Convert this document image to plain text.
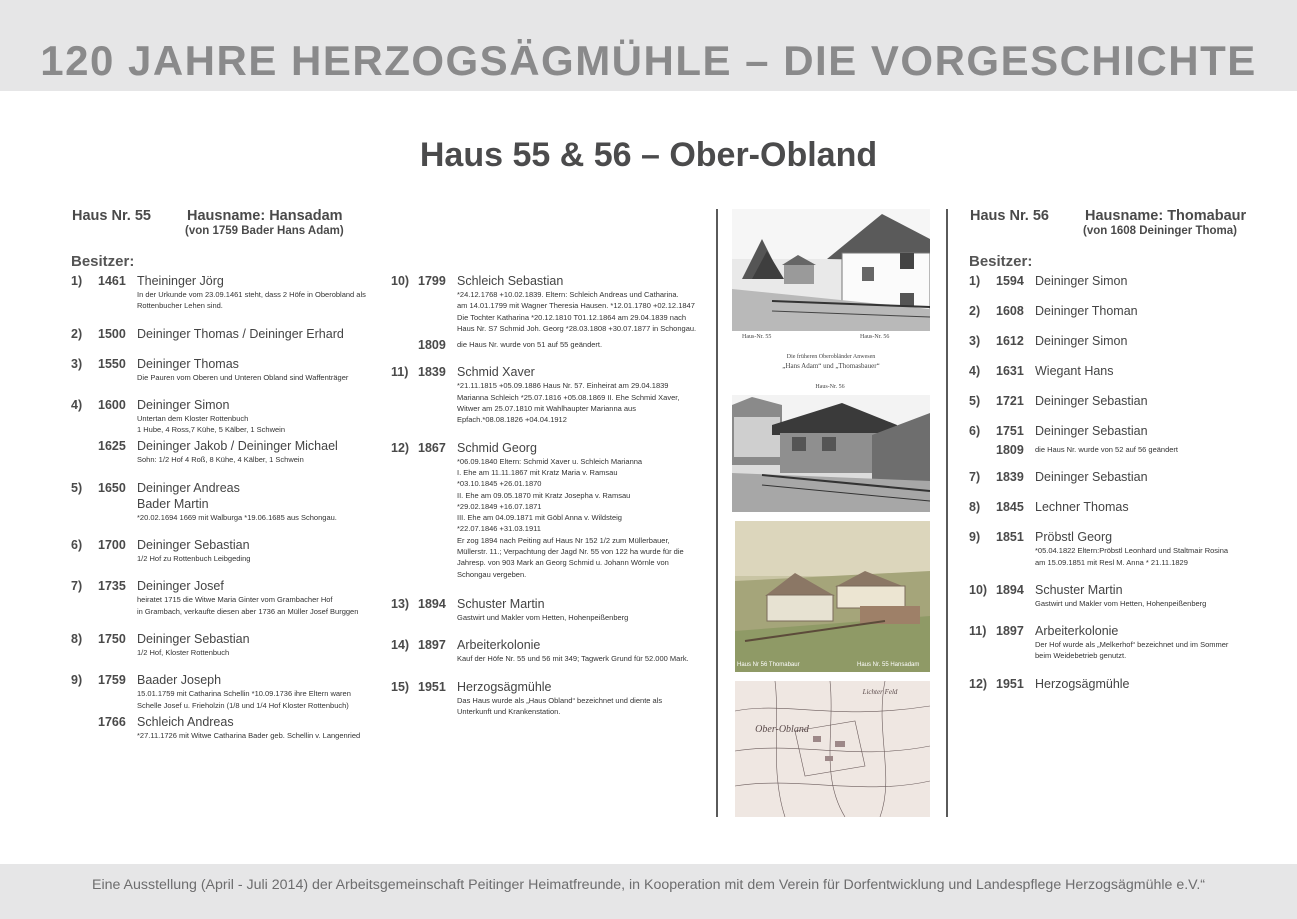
120 JAHRE HERZOGSÄGMÜHLE – DIE VORGESCHICHTE
Haus 55 & 56 – Ober-Obland
Haus Nr. 55 Hausname: Hansadam
(von 1759 Bader Hans Adam)
Besitzer:
1) 1461 Theininger Jörg
In der Urkunde vom 23.09.1461 steht, dass 2 Höfe in Oberobland als Rottenbucher Lehen sind.
2) 1500 Deininger Thomas / Deininger Erhard
3) 1550 Deininger Thomas
Die Pauren vom Oberen und Unteren Obland sind Waffenträger
4) 1600 Deininger Simon
Untertan dem Kloster Rottenbuch
1 Hube, 4 Ross,7 Kühe, 5 Kälber, 1 Schwein
1625 Deininger Jakob / Deininger Michael
Sohn: 1/2 Hof 4 Roß, 8 Kühe, 4 Kälber, 1 Schwein
5) 1650 Deininger Andreas
Bader Martin
*20.02.1694 1669 mit Walburga *19.06.1685 aus Schongau.
6) 1700 Deininger Sebastian
1/2 Hof zu Rottenbuch Leibgeding
7) 1735 Deininger Josef
heiratet 1715 die Witwe Maria Ginter vom Grambacher Hof
in Grambach, verkaufte diesen aber 1736 an Müller Josef Burggen
8) 1750 Deininger Sebastian
1/2 Hof, Kloster Rottenbuch
9) 1759 Baader Joseph
15.01.1759 mit Catharina Schellin *10.09.1736 ihre Eltern waren
Schelle Josef u. Frieholzin (1/8 und 1/4 Hof Kloster Rottenbuch)
1766 Schleich Andreas
*27.11.1726 mit Witwe Catharina Bader geb. Schellin v. Langenried
10) 1799 Schleich Sebastian
*24.12.1768 +10.02.1839. Eltern: Schleich Andreas und Catharina.
am 14.01.1799 mit Wagner Theresia Hausen. *12.01.1780 +02.12.1847
Die Tochter Katharina *20.12.1810 T01.12.1864 am 29.04.1839 nach
Haus Nr. S7 Schmid Joh. Georg *28.03.1808 +30.07.1877 in Schongau.
1809 die Haus Nr. wurde von 51 auf 55 geändert.
11) 1839 Schmid Xaver
*21.11.1815 +05.09.1886 Haus Nr. 57. Einheirat am 29.04.1839
Marianna Schleich *25.07.1816 +05.08.1869 II. Ehe Schmid Xaver,
Witwer am 25.07.1810 mit Wahlhaupter Marianna aus
Epfach.*08.08.1826 +04.04.1912
12) 1867 Schmid Georg
*06.09.1840 Eltern: Schmid Xaver u. Schleich Marianna
I. Ehe am 11.11.1867 mit Kratz Maria v. Ramsau
*03.10.1845 +26.01.1870
II. Ehe am 09.05.1870 mit Kratz Josepha v. Ramsau
*29.02.1849 +16.07.1871
III. Ehe am 04.09.1871 mit Göbl Anna v. Wildsteig
*22.07.1846 +31.03.1911
Er zog 1894 nach Peiting auf Haus Nr 152 1/2 zum Müllerbauer,
Müllerstr. 11.; Verpachtung der Jagd Nr. 55 von 122 ha wurde für die
Jahresp. von 903 Mark an Georg Schmid u. Johann Wörnle von
Schongau vergeben.
13) 1894 Schuster Martin
Gastwirt und Makler vom Hetten, Hohenpeißenberg
14) 1897 Arbeiterkolonie
Kauf der Höfe Nr. 55 und 56 mit 349; Tagwerk Grund für 52.000 Mark.
15) 1951 Herzogsägmühle
Das Haus wurde als „Haus Obland“ bezeichnet und diente als
Unterkunft und Krankenstation.
Haus-Nr. 55	Haus-Nr. 56
Die früheren Oberobländer Anwesen
„Hans Adam“ und „Thomasbauer“
Haus-Nr. 56
Haus Nr 56 Thomabaur	Haus Nr. 55 Hansadam
Ober-Obland
Lichter Feld
Haus Nr. 56 Hausname: Thomabaur
(von 1608 Deininger Thoma)
Besitzer:
1) 1594 Deininger Simon
2) 1608 Deininger Thoman
3) 1612 Deininger Simon
4) 1631 Wiegant Hans
5) 1721 Deininger Sebastian
6) 1751 Deininger Sebastian
1809 die Haus Nr. wurde von 52 auf 56 geändert
7) 1839 Deininger Sebastian
8) 1845 Lechner Thomas
9) 1851 Pröbstl Georg
*05.04.1822 Eltern:Pröbstl Leonhard und Staltmair Rosina
am 15.09.1851 mit Resl M. Anna * 21.11.1829
10) 1894 Schuster Martin
Gastwirt und Makler vom Hetten, Hohenpeißenberg
11) 1897 Arbeiterkolonie
Der Hof wurde als „Melkerhof“ bezeichnet und im Sommer
beim Weidebetrieb genutzt.
12) 1951 Herzogsägmühle
Eine Ausstellung (April - Juli 2014) der Arbeitsgemeinschaft Peitinger Heimatfreunde, in Kooperation mit dem Verein für Dorfentwicklung und Landespflege Herzogsägmühle e.V.“
